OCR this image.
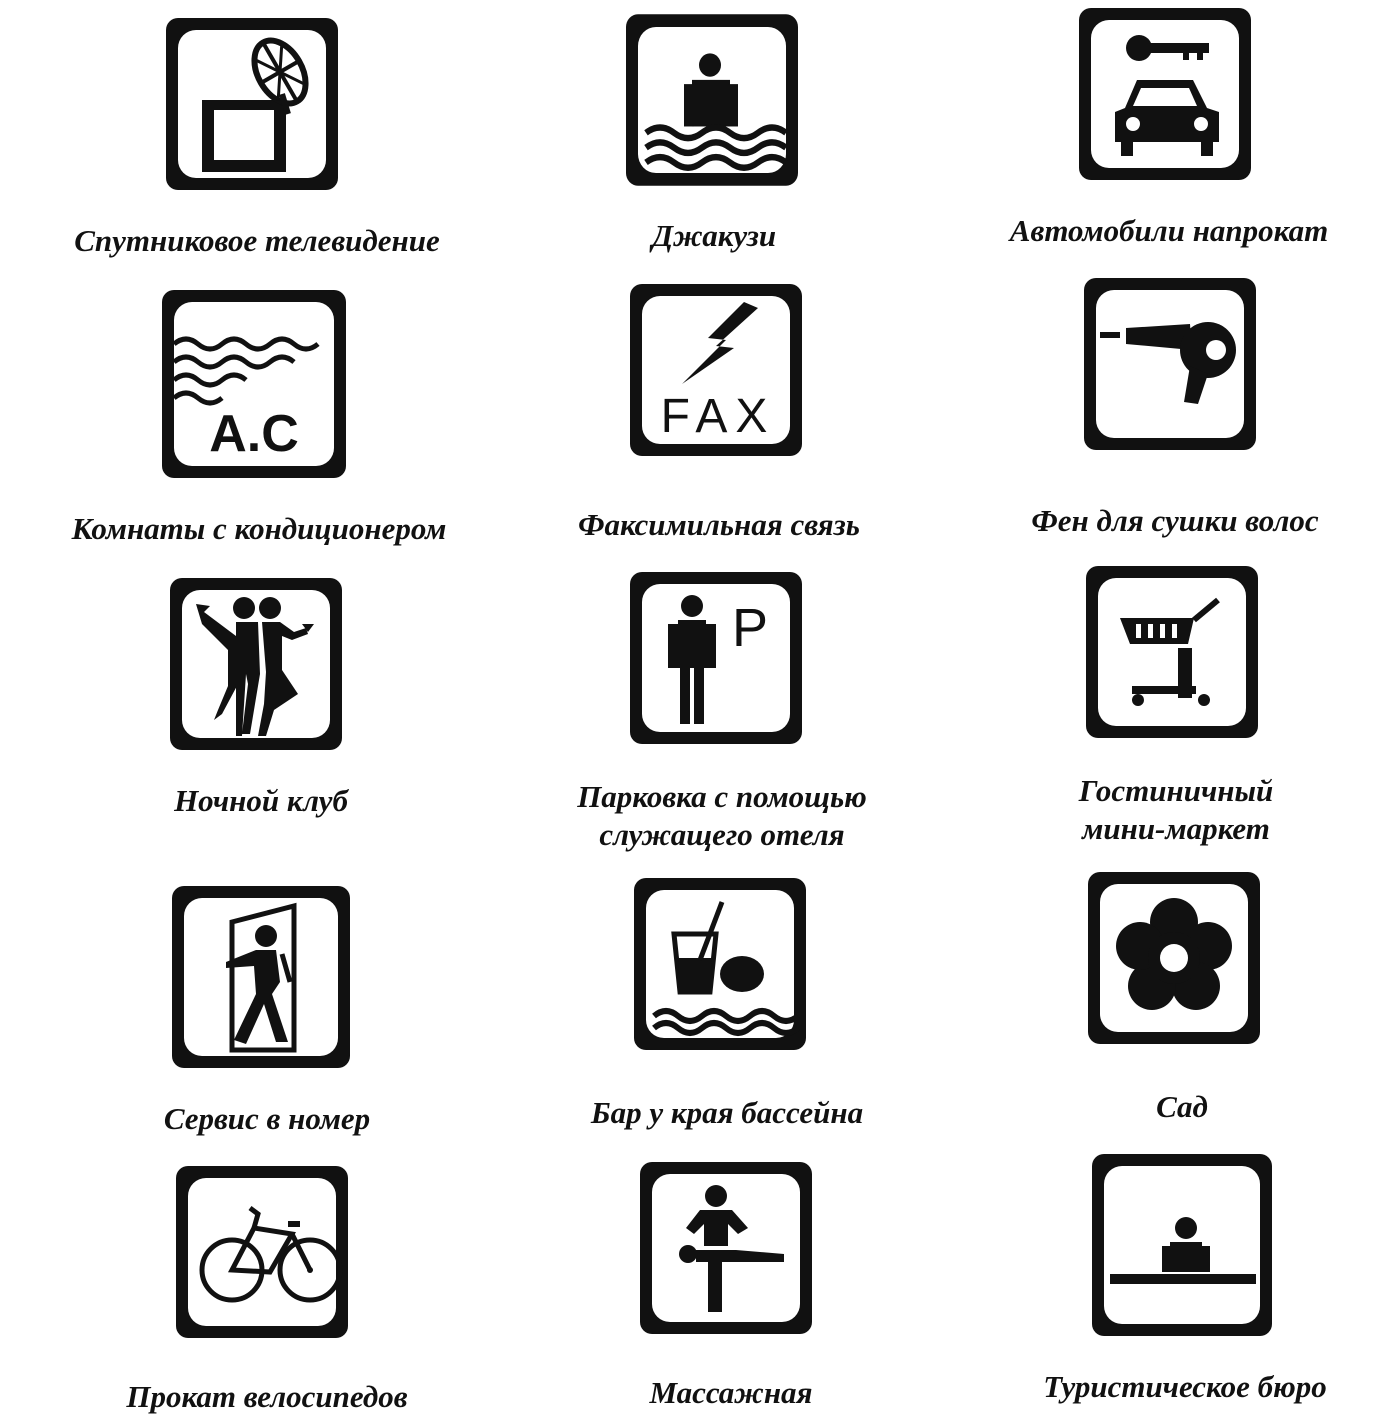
Спутниковое телевидение	Джакузи	Автомобили напрокат
A.C
Комнаты с кондиционером
FAX
Факсимильная связь	Фен для сушки волос
Ночной клуб
P
Парковка с помощью
служащего отеля
Гостиничный
мини-маркет
Сервис в номер	Бар у края бассейна	Сад
Прокат велосипедов	Массажная	Туристическое бюро
